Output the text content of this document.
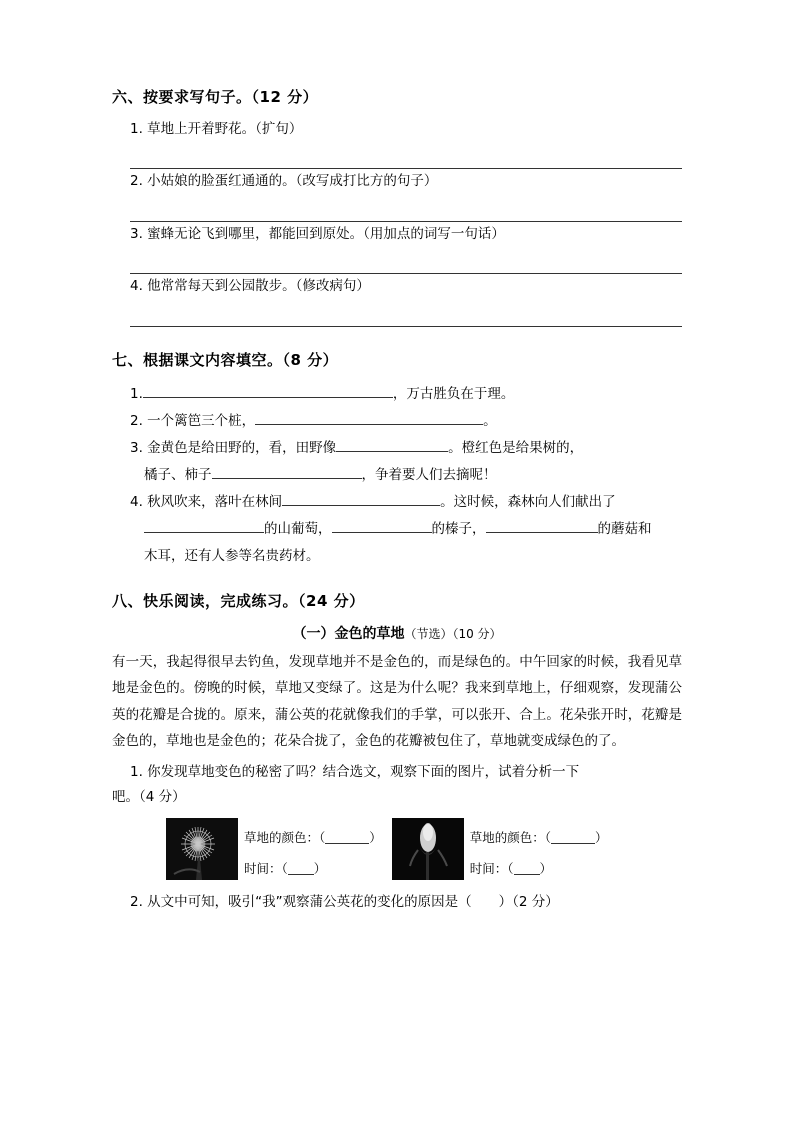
六、按要求写句子。（12 分）
1. 草地上开着野花。（扩句）
2. 小姑娘的脸蛋红通通的。（改写成打比方的句子）
3. 蜜蜂无论飞到哪里，都能回到原处。（用加点的词写一句话）
4. 他常常每天到公园散步。（修改病句）
七、根据课文内容填空。（8 分）
1.	，万古胜负在于理。
2. 一个篱笆三个桩，	。
3. 金黄色是给田野的，看，田野像	。橙红色是给果树的，
橘子、柿子	，争着要人们去摘呢！
4. 秋风吹来，落叶在林间	。这时候，森林向人们献出了
的山葡萄，	的榛子，	的蘑菇和
木耳，还有人参等名贵药材。
八、快乐阅读，完成练习。（24 分）
（一）金色的草地（节选）（10 分）

有一天，我起得很早去钓鱼，发现草地并不是金色的，而是绿色的。中午回家的时候，我看见草地是金色的。傍晚的时候，草地又变绿了。这是为什么呢？我来到草地上，仔细观察，发现蒲公英的花瓣是合拢的。原来，蒲公英的花就像我们的手掌，可以张开、合上。花朵张开时，花瓣是金色的，草地也是金色的；花朵合拢了，金色的花瓣被包住了，草地就变成绿色的了。

1. 你发现草地变色的秘密了吗？结合选文，观察下面的图片，试着分析一下
吧。（4 分）
草地的颜色：（	）
时间：（ ）
草地的颜色：（	）
时间：（ ）
2. 从文中可知，吸引“我”观察蒲公英花的变化的原因是（　　）（2 分）
